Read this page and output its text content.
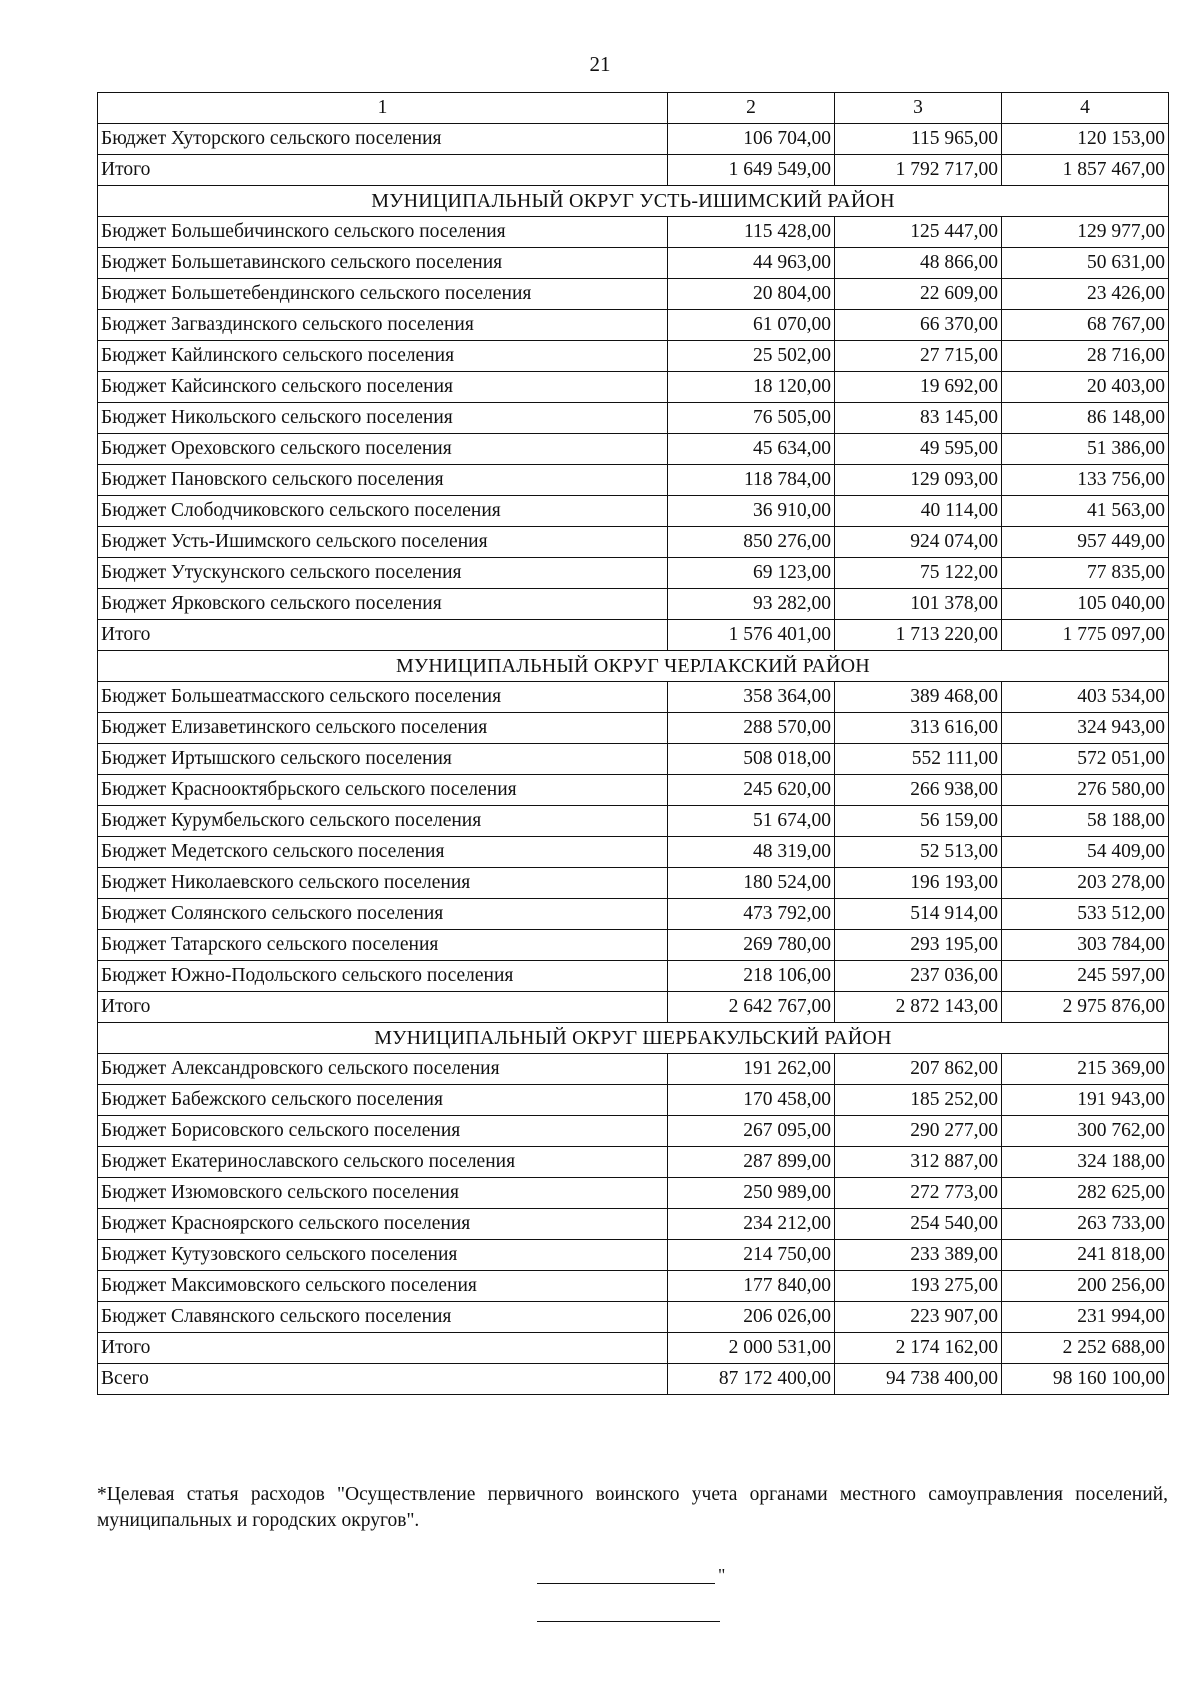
21
1	2	3	4
Бюджет Хуторского сельского поселения	106 704,00	115 965,00	120 153,00
Итого	1 649 549,00	1 792 717,00	1 857 467,00
МУНИЦИПАЛЬНЫЙ ОКРУГ УСТЬ-ИШИМСКИЙ РАЙОН			
Бюджет Большебичинского сельского поселения	115 428,00	125 447,00	129 977,00
Бюджет Большетавинского сельского поселения	44 963,00	48 866,00	50 631,00
Бюджет Большетебендинского сельского поселения	20 804,00	22 609,00	23 426,00
Бюджет Загваздинского сельского поселения	61 070,00	66 370,00	68 767,00
Бюджет Кайлинского сельского поселения	25 502,00	27 715,00	28 716,00
Бюджет Кайсинского сельского поселения	18 120,00	19 692,00	20 403,00
Бюджет Никольского сельского поселения	76 505,00	83 145,00	86 148,00
Бюджет Ореховского сельского поселения	45 634,00	49 595,00	51 386,00
Бюджет Пановского сельского поселения	118 784,00	129 093,00	133 756,00
Бюджет Слободчиковского сельского поселения	36 910,00	40 114,00	41 563,00
Бюджет Усть-Ишимского сельского поселения	850 276,00	924 074,00	957 449,00
Бюджет Утускунского сельского поселения	69 123,00	75 122,00	77 835,00
Бюджет Ярковского сельского поселения	93 282,00	101 378,00	105 040,00
Итого	1 576 401,00	1 713 220,00	1 775 097,00
МУНИЦИПАЛЬНЫЙ ОКРУГ ЧЕРЛАКСКИЙ РАЙОН			
Бюджет Большеатмасского сельского поселения	358 364,00	389 468,00	403 534,00
Бюджет Елизаветинского сельского поселения	288 570,00	313 616,00	324 943,00
Бюджет Иртышского сельского поселения	508 018,00	552 111,00	572 051,00
Бюджет Краснооктябрьского сельского поселения	245 620,00	266 938,00	276 580,00
Бюджет Курумбельского сельского поселения	51 674,00	56 159,00	58 188,00
Бюджет Медетского сельского поселения	48 319,00	52 513,00	54 409,00
Бюджет Николаевского сельского поселения	180 524,00	196 193,00	203 278,00
Бюджет Солянского сельского поселения	473 792,00	514 914,00	533 512,00
Бюджет Татарского сельского поселения	269 780,00	293 195,00	303 784,00
Бюджет Южно-Подольского сельского поселения	218 106,00	237 036,00	245 597,00
Итого	2 642 767,00	2 872 143,00	2 975 876,00
МУНИЦИПАЛЬНЫЙ ОКРУГ ШЕРБАКУЛЬСКИЙ РАЙОН			
Бюджет Александровского сельского поселения	191 262,00	207 862,00	215 369,00
Бюджет Бабежского сельского поселения	170 458,00	185 252,00	191 943,00
Бюджет Борисовского сельского поселения	267 095,00	290 277,00	300 762,00
Бюджет Екатеринославского сельского поселения	287 899,00	312 887,00	324 188,00
Бюджет Изюмовского сельского поселения	250 989,00	272 773,00	282 625,00
Бюджет Красноярского сельского поселения	234 212,00	254 540,00	263 733,00
Бюджет Кутузовского сельского поселения	214 750,00	233 389,00	241 818,00
Бюджет Максимовского сельского поселения	177 840,00	193 275,00	200 256,00
Бюджет Славянского сельского поселения	206 026,00	223 907,00	231 994,00
Итого	2 000 531,00	2 174 162,00	2 252 688,00
Всего	87 172 400,00	94 738 400,00	98 160 100,00
*Целевая статья расходов "Осуществление первичного воинского учета органами местного самоуправления поселений, муниципальных и городских округов".
"
